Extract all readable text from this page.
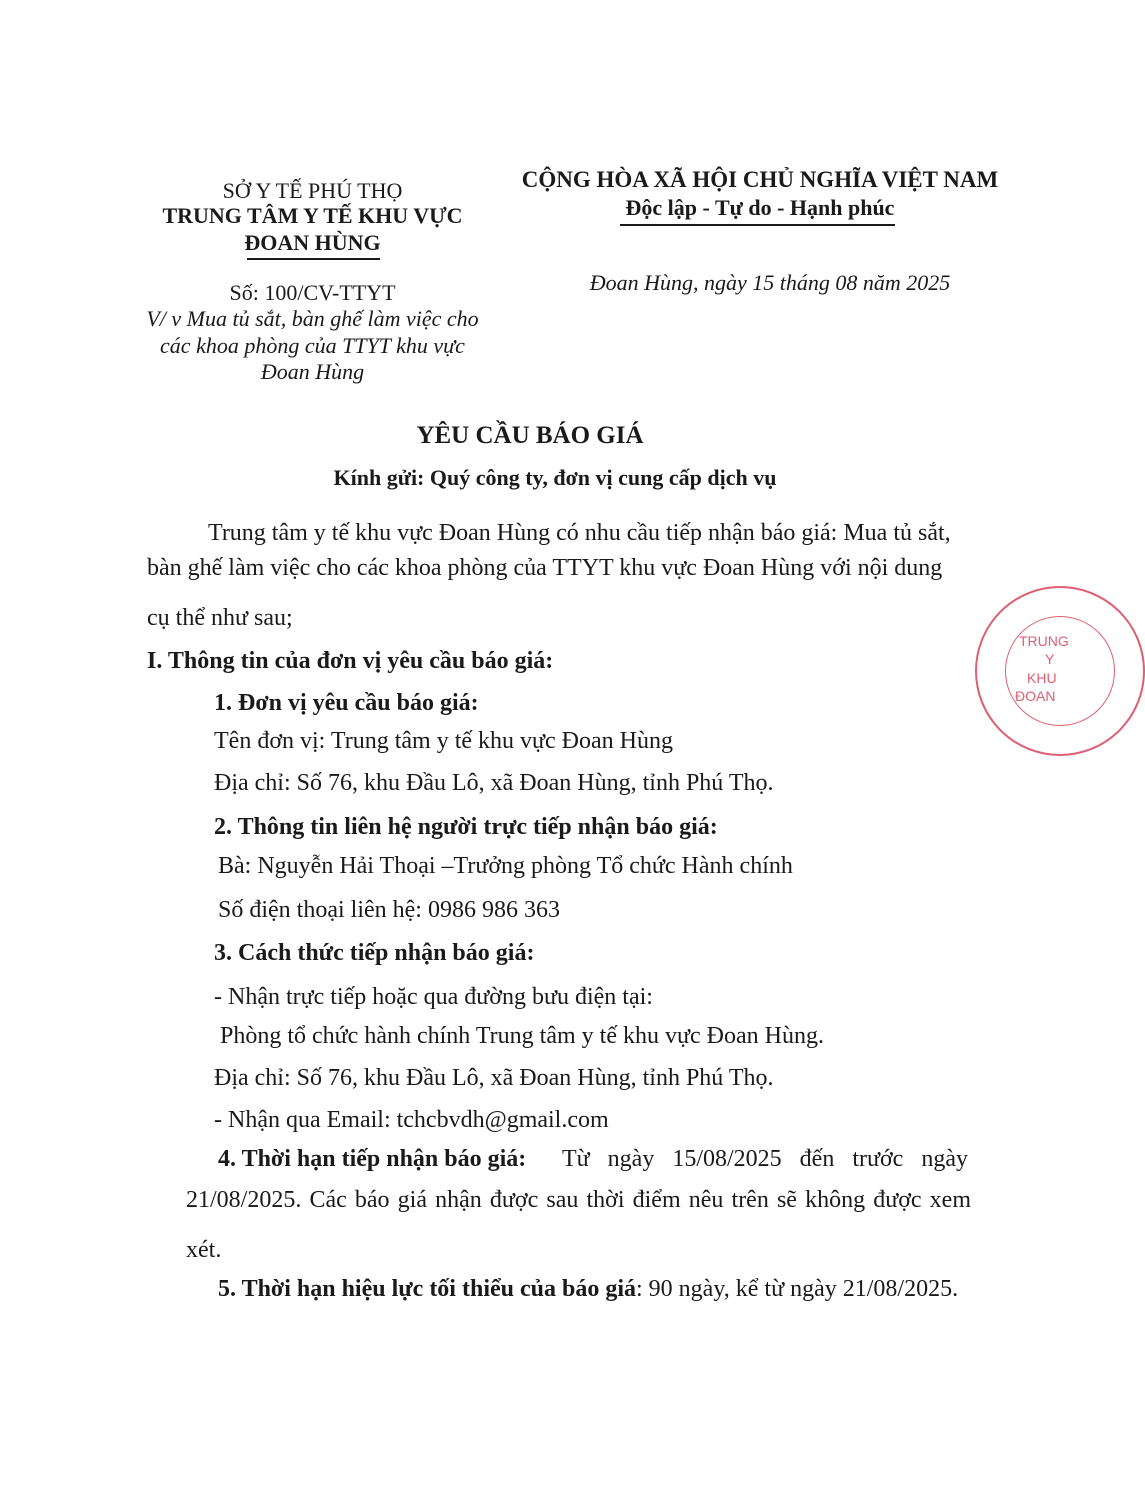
SỞ Y TẾ PHÚ THỌ
TRUNG TÂM Y TẾ KHU VỰC
ĐOAN HÙNG
Số: 100/CV-TTYT
V/ v Mua tủ sắt, bàn ghế làm việc cho
các khoa phòng của TTYT khu vực
Đoan Hùng
CỘNG HÒA XÃ HỘI CHỦ NGHĨA VIỆT NAM
Độc lập - Tự do - Hạnh phúc
Đoan Hùng, ngày 15 tháng 08 năm 2025
YÊU CẦU BÁO GIÁ
Kính gửi: Quý công ty, đơn vị cung cấp dịch vụ
Trung tâm y tế khu vực Đoan Hùng có nhu cầu tiếp nhận báo giá: Mua tủ sắt,
bàn ghế làm việc cho các khoa phòng của TTYT khu vực Đoan Hùng với nội dung
cụ thể như sau;
I. Thông tin của đơn vị yêu cầu báo giá:
1. Đơn vị yêu cầu báo giá:
Tên đơn vị: Trung tâm y tế khu vực Đoan Hùng
Địa chỉ: Số 76, khu Đầu Lô, xã Đoan Hùng, tỉnh Phú Thọ.
2. Thông tin liên hệ người trực tiếp nhận báo giá:
Bà: Nguyễn Hải Thoại –Trưởng phòng Tổ chức Hành chính
Số điện thoại liên hệ: 0986 986 363
3. Cách thức tiếp nhận báo giá:
- Nhận trực tiếp hoặc qua đường bưu điện tại:
Phòng tổ chức hành chính Trung tâm y tế khu vực Đoan Hùng.
Địa chỉ: Số 76, khu Đầu Lô, xã Đoan Hùng, tỉnh Phú Thọ.
- Nhận qua Email: tchcbvdh@gmail.com
4. Thời hạn tiếp nhận báo giá: Từ ngày 15/08/2025 đến trước ngày
21/08/2025. Các báo giá nhận được sau thời điểm nêu trên sẽ không được xem
xét.
5. Thời hạn hiệu lực tối thiểu của báo giá: 90 ngày, kể từ ngày 21/08/2025.
TRUNG
Y
KHU
ĐOAN
